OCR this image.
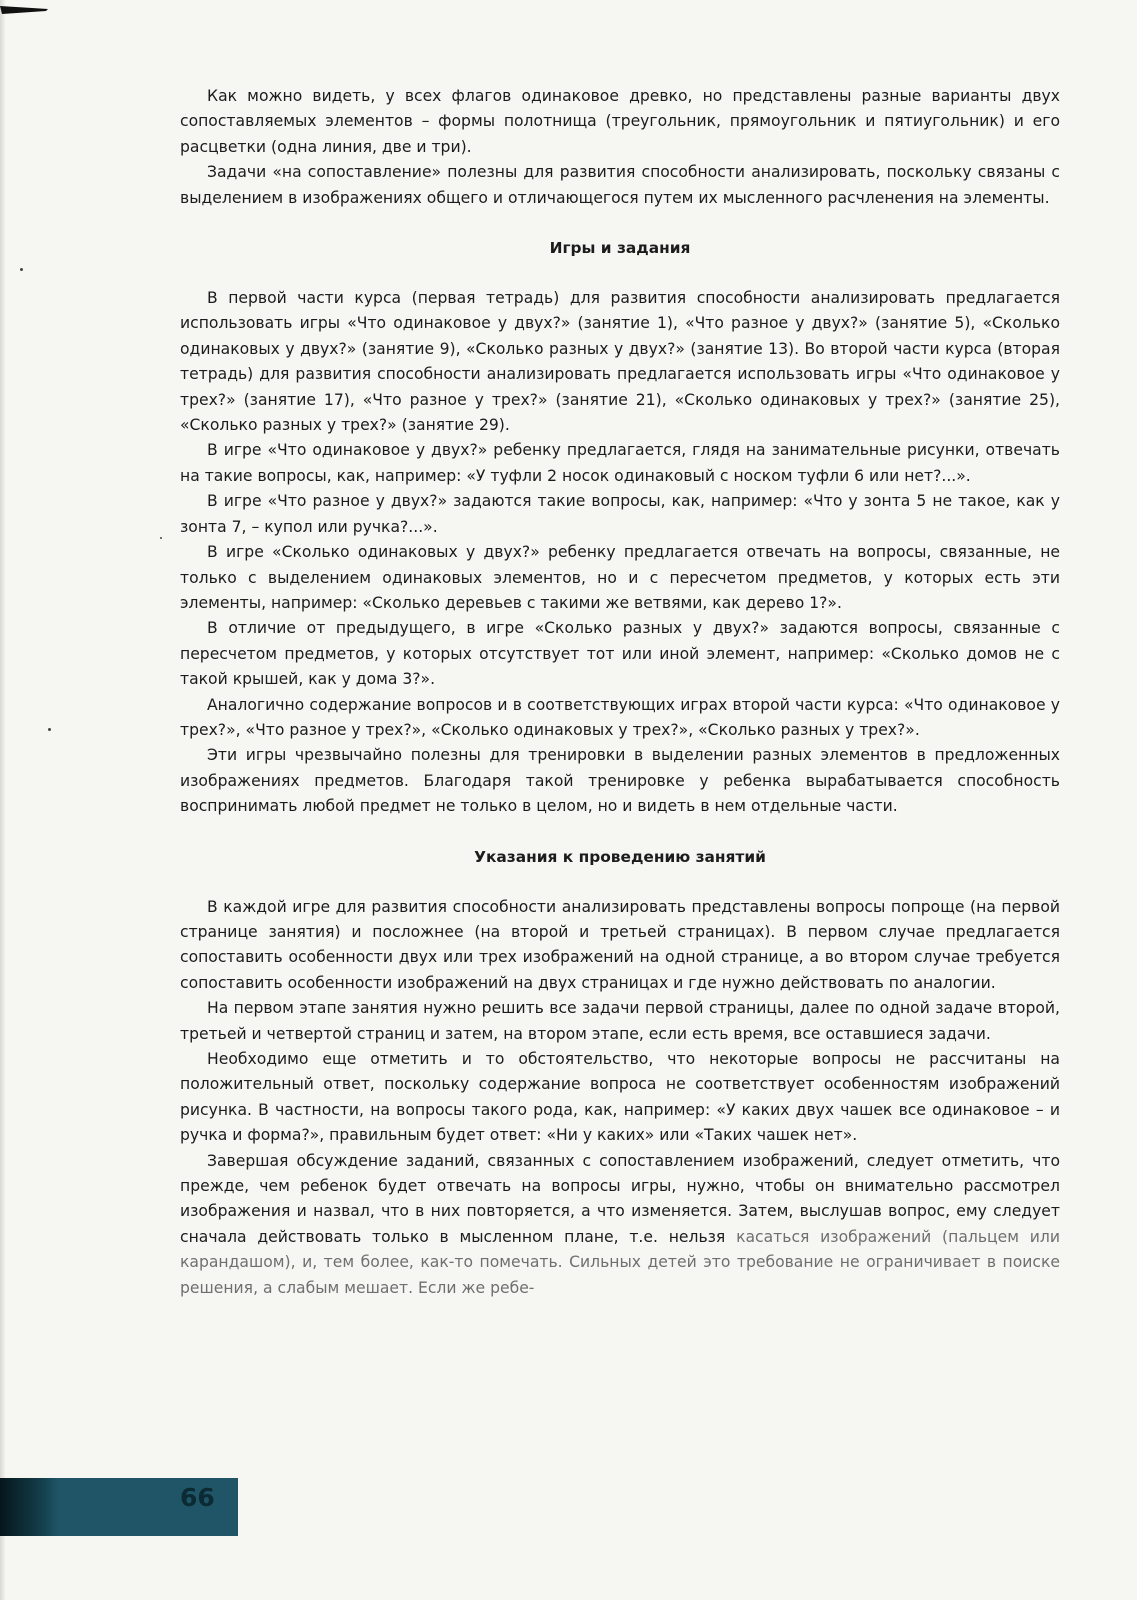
Как можно видеть, у всех флагов одинаковое древко, но представлены разные варианты двух сопоставляемых элементов – формы полотнища (треугольник, прямоугольник и пятиугольник) и его расцветки (одна линия, две и три).

Задачи «на сопоставление» полезны для развития способности анализировать, поскольку связаны с выделением в изображениях общего и отличающегося путем их мысленного расчленения на элементы.

Игры и задания

В первой части курса (первая тетрадь) для развития способности анализировать предлагается использовать игры «Что одинаковое у двух?» (занятие 1), «Что разное у двух?» (занятие 5), «Сколько одинаковых у двух?» (занятие 9), «Сколько разных у двух?» (занятие 13). Во второй части курса (вторая тетрадь) для развития способности анализировать предлагается использовать игры «Что одинаковое у трех?» (занятие 17), «Что разное у трех?» (занятие 21), «Сколько одинаковых у трех?» (занятие 25), «Сколько разных у трех?» (занятие 29).

В игре «Что одинаковое у двух?» ребенку предлагается, глядя на занимательные рисунки, отвечать на такие вопросы, как, например: «У туфли 2 носок одинаковый с носком туфли 6 или нет?...».

В игре «Что разное у двух?» задаются такие вопросы, как, например: «Что у зонта 5 не такое, как у зонта 7, – купол или ручка?...».

В игре «Сколько одинаковых у двух?» ребенку предлагается отвечать на вопросы, связанные, не только с выделением одинаковых элементов, но и с пересчетом предметов, у которых есть эти элементы, например: «Сколько деревьев с такими же ветвями, как дерево 1?».

В отличие от предыдущего, в игре «Сколько разных у двух?» задаются вопросы, связанные с пересчетом предметов, у которых отсутствует тот или иной элемент, например: «Сколько домов не с такой крышей, как у дома 3?».

Аналогично содержание вопросов и в соответствующих играх второй части курса: «Что одинаковое у трех?», «Что разное у трех?», «Сколько одинаковых у трех?», «Сколько разных у трех?».

Эти игры чрезвычайно полезны для тренировки в выделении разных элементов в предложенных изображениях предметов. Благодаря такой тренировке у ребенка вырабатывается способность воспринимать любой предмет не только в целом, но и видеть в нем отдельные части.

Указания к проведению занятий

В каждой игре для развития способности анализировать представлены вопросы попроще (на первой странице занятия) и посложнее (на второй и третьей страницах). В первом случае предлагается сопоставить особенности двух или трех изображений на одной странице, а во втором случае требуется сопоставить особенности изображений на двух страницах и где нужно действовать по аналогии.

На первом этапе занятия нужно решить все задачи первой страницы, далее по одной задаче второй, третьей и четвертой страниц и затем, на втором этапе, если есть время, все оставшиеся задачи.

Необходимо еще отметить и то обстоятельство, что некоторые вопросы не рассчитаны на положительный ответ, поскольку содержание вопроса не соответствует особенностям изображений рисунка. В частности, на вопросы такого рода, как, например: «У каких двух чашек все одинаковое – и ручка и форма?», правильным будет ответ: «Ни у каких» или «Таких чашек нет».

Завершая обсуждение заданий, связанных с сопоставлением изображений, следует отметить, что прежде, чем ребенок будет отвечать на вопросы игры, нужно, чтобы он внимательно рассмотрел изображения и назвал, что в них повторяется, а что изменяется. Затем, выслушав вопрос, ему следует сначала действовать только в мысленном плане, т.е. нельзя касаться изображений (пальцем или карандашом), и, тем более, как-то помечать. Сильных детей это требование не ограничивает в поиске решения, а слабым мешает. Если же ребе-

66
